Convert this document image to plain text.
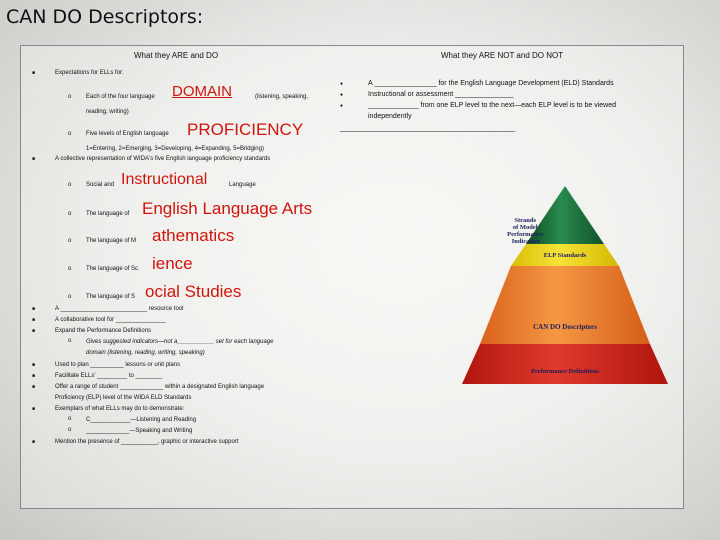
CAN DO Descriptors:
What they ARE and DO	What they ARE NOT and DO NOT
■	Expectations for ELLs for:
o Each of the four language DOMAIN	(listening, speaking,
reading, writing)
o Five levels of English language PROFICIENCY
1=Entering, 2=Emerging, 3=Developing, 4=Expanding, 5=Bridging)
■	A collective representation of WIDA's five English language proficiency standards
o Social and Instructional	Language
o The language of English Language Arts
o The language of M athematics
o The language of Sc ience
o The language of S ocial Studies
■	A __________________________ resource tool
■	A collaborative tool for _______________
■	Expand the Performance Definitions
o Gives suggested indicators—not a___________ set for each language
domain (listening, reading, writing, speaking)
■	Used to plan __________ lessons or unit plans
■	Facilitate ELLs' _________ to ________
■	Offer a range of student _____________ within a designated English language
Proficiency (ELP) level of the WIDA ELD Standards
■	Exemplars of what ELLs may do to demonstrate:
o C____________—Listening and Reading
o _____________—Speaking and Writing
■	Mention the presence of ___________, graphic or interactive support
●	A ________________ for the English Language Development (ELD) Standards
●	Instructional or assessment _______________
●	_____________ from one ELP level to the next—each ELP level is to be viewed
independently
_____________________________________________________
Strands of Model Performance Indicators
ELP Standards
CAN DO Descriptors
Performance Definitions
